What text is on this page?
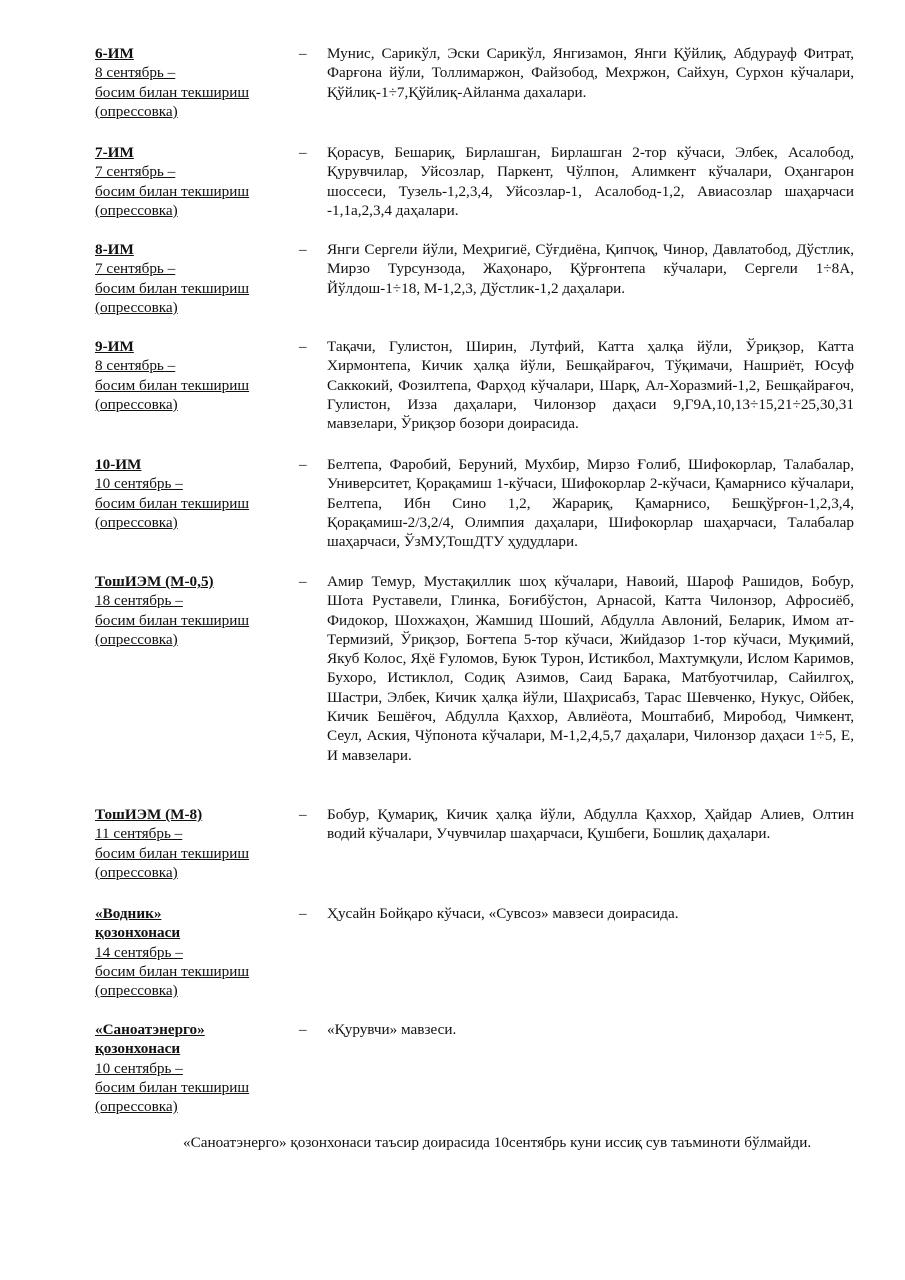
6-ИМ
8 сентябрь –
босим билан текшириш
(опрессовка)
– Мунис, Сарикўл, Эски Сарикўл, Янгизамон, Янги Қўйлиқ, Абдурауф Фитрат, Фарғона йўли, Толлимаржон, Файзобод, Мехржон, Сайхун, Сурхон кўчалари, Қўйлиқ-1÷7,Қўйлиқ-Айланма дахалари.
7-ИМ
7 сентябрь –
босим билан текшириш
(опрессовка)
– Қорасув, Бешариқ, Бирлашган, Бирлашган 2-тор кўчаси, Элбек, Асалобод, Қурувчилар, Уйсозлар, Паркент, Чўлпон, Алимкент кўчалари, Оҳангарон шоссеси, Тузель-1,2,3,4, Уйсозлар-1, Асалобод-1,2, Авиасозлар шаҳарчаси -1,1а,2,3,4 даҳалари.
8-ИМ
7 сентябрь –
босим билан текшириш
(опрессовка)
– Янги Сергели йўли, Меҳригиё, Сўғдиёна, Қипчоқ, Чинор, Давлатобод, Дўстлик, Мирзо Турсунзода, Жаҳонаро, Қўрғонтепа кўчалари, Сергели 1÷8А, Йўлдош-1÷18, М-1,2,3, Дўстлик-1,2 даҳалари.
9-ИМ
8 сентябрь –
босим билан текшириш
(опрессовка)
– Тақачи, Гулистон, Ширин, Лутфий, Катта ҳалқа йўли, Ўриқзор, Катта Хирмонтепа, Кичик ҳалқа йўли, Бешқайрағоч, Тўқимачи, Нашриёт, Юсуф Саккокий, Фозилтепа, Фарҳод кўчалари, Шарқ, Ал-Хоразмий-1,2, Бешқайрағоч, Гулистон, Изза даҳалари, Чилонзор даҳаси 9,Г9А,10,13÷15,21÷25,30,31 мавзелари, Ўриқзор бозори доирасида.
10-ИМ
10 сентябрь –
босим билан текшириш
(опрессовка)
– Белтепа, Фаробий, Беруний, Мухбир, Мирзо Ғолиб, Шифокорлар, Талабалар, Университет, Қорақамиш 1-кўчаси, Шифокорлар 2-кўчаси, Қамарнисо кўчалари, Белтепа, Ибн Сино 1,2, Жарариқ, Қамарнисо, Бешқўрғон-1,2,3,4, Қорақамиш-2/3,2/4, Олимпия даҳалари, Шифокорлар шаҳарчаси, Талабалар шаҳарчаси, ЎзМУ,ТошДТУ ҳудудлари.
ТошИЭМ (М-0,5)
18 сентябрь –
босим билан текшириш
(опрессовка)
– Амир Темур, Мустақиллик шоҳ кўчалари, Навоий, Шароф Рашидов, Бобур, Шота Руставели, Глинка, Боғибўстон, Арнасой, Катта Чилонзор, Афросиёб, Фидокор, Шохжаҳон, Жамшид Шоший, Абдулла Авлоний, Беларик, Имом ат-Термизий, Ўриқзор, Боғтепа 5-тор кўчаси, Жийдазор 1-тор кўчаси, Муқимий, Якуб Колос, Яҳё Ғуломов, Буюк Турон, Истикбол, Махтумқули, Ислом Каримов, Бухоро, Истиклол, Содиқ Азимов, Саид Барака, Матбуотчилар, Сайилгоҳ, Шастри, Элбек, Кичик ҳалқа йўли, Шаҳрисабз, Тарас Шевченко, Нукус, Ойбек, Кичик Бешёғоч, Абдулла Қаххор, Авлиёота, Моштабиб, Миробод, Чимкент, Сеул, Аския, Чўпонота кўчалари, М-1,2,4,5,7 даҳалари, Чилонзор даҳаси 1÷5, Е, И мавзелари.
ТошИЭМ (М-8)
11 сентябрь –
босим билан текшириш
(опрессовка)
– Бобур, Қумариқ, Кичик ҳалқа йўли, Абдулла Қаххор, Ҳайдар Алиев, Олтин водий кўчалари, Учувчилар шаҳарчаси, Қушбеги, Бошлиқ даҳалари.
«Водник»
қозонхонаси
14 сентябрь –
босим билан текшириш
(опрессовка)
– Ҳусайн Бойқаро кўчаси, «Сувсоз» мавзеси доирасида.
«Саноатэнерго»
қозонхонаси
10 сентябрь –
босим билан текшириш
(опрессовка)
– «Қурувчи» мавзеси.
«Саноатэнерго» қозонхонаси таъсир доирасида 10сентябрь куни иссиқ сув таъминоти бўлмайди.
